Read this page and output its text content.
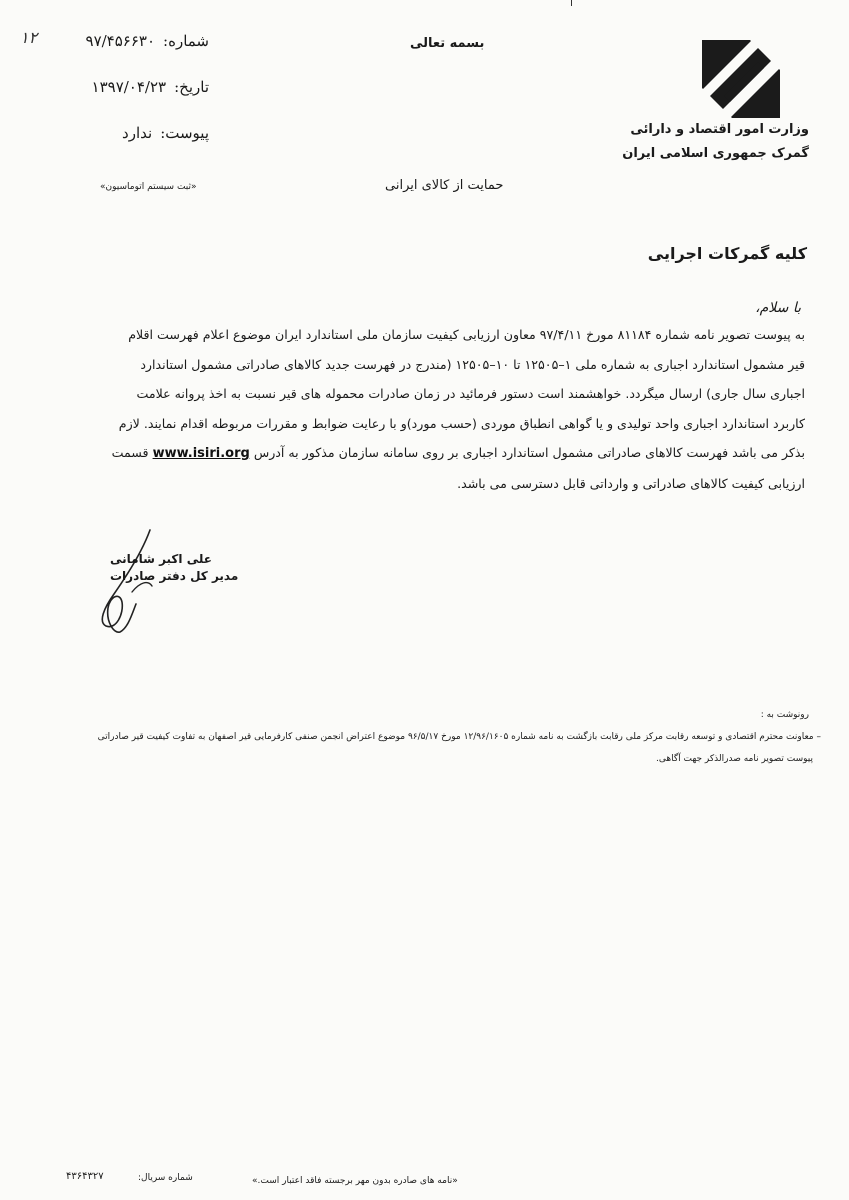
وزارت امور اقتصاد و دارائی
گمرک جمهوری اسلامی ایران
بسمه تعالی
حمایت از کالای ایرانی
شماره:
۹۷/۴۵۶۶۳۰
۱۲
تاریخ:
۱۳۹۷/۰۴/۲۳
پیوست:
ندارد
«ثبت سیستم اتوماسیون»
کلیه گمرکات اجرایی
با سلام،

به پیوست تصویر نامه شماره ۸۱۱۸۴ مورخ ۹۷/۴/۱۱ معاون ارزیابی کیفیت سازمان ملی استاندارد ایران موضوع اعلام فهرست اقلام

قیر مشمول استاندارد اجباری به شماره ملی ۱–۱۲۵۰۵ تا ۱۰–۱۲۵۰۵ (مندرج در فهرست جدید کالاهای صادراتی مشمول استاندارد

اجباری سال جاری) ارسال میگردد. خواهشمند است دستور فرمائید در زمان صادرات محموله های قیر نسبت به اخذ پروانه علامت

کاربرد استاندارد اجباری واحد تولیدی و یا گواهی انطباق موردی (حسب مورد)و با رعایت ضوابط و مقررات مربوطه اقدام نمایند. لازم

بذکر می باشد فهرست کالاهای صادراتی مشمول استاندارد اجباری بر روی سامانه سازمان مذکور به آدرس www.isiri.org قسمت

ارزیابی کیفیت کالاهای صادراتی و وارداتی قابل دسترسی می باشد.

علی اکبر شامانی
مدیر کل دفتر صادرات
رونوشت به :
– معاونت محترم اقتصادی و توسعه رقابت مرکز ملی رقابت بازگشت به نامه شماره ۱۲/۹۶/۱۶۰۵ مورخ ۹۶/۵/۱۷ موضوع اعتراض انجمن صنفی کارفرمایی قیر اصفهان به تفاوت کیفیت قیر صادراتی
پیوست تصویر نامه صدرالذکر جهت آگاهی.
«نامه های صادره بدون مهر برجسته فاقد اعتبار است.»
شماره سریال:
۴۳۶۴۳۲۷
